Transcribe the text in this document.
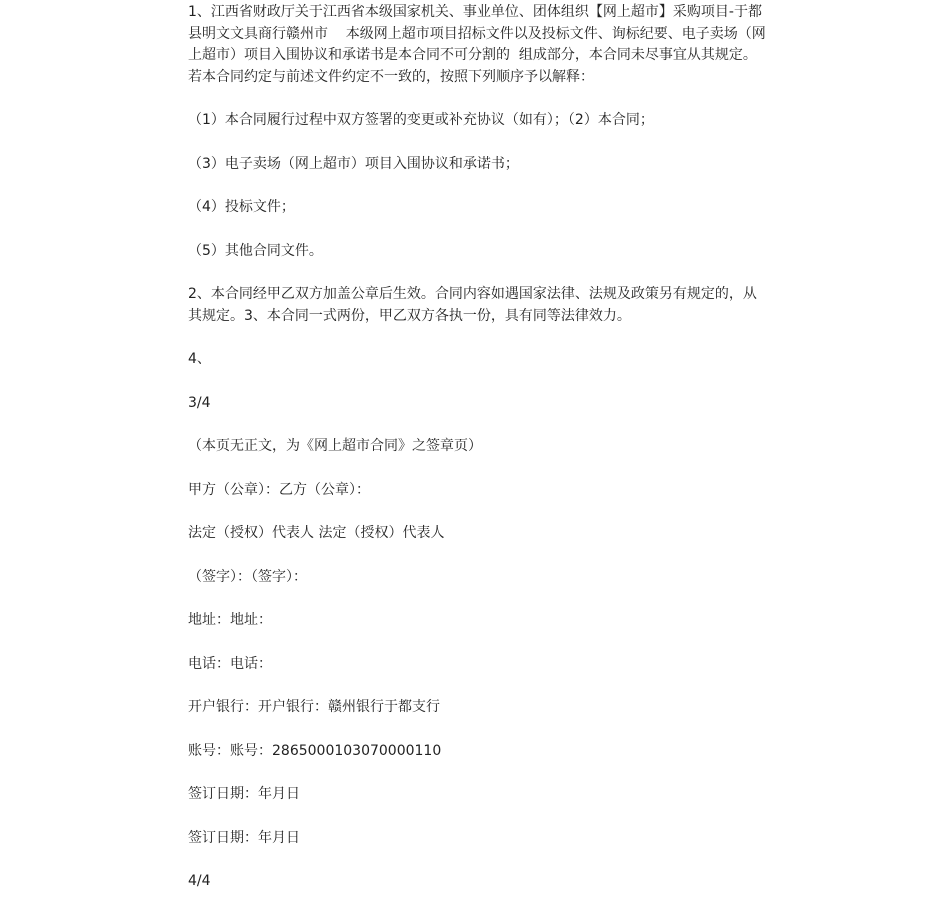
1、江西省财政厅关于江西省本级国家机关、事业单位、团体组织【网上超市】采购项目-于都县明文文具商行赣州市    本级网上超市项目招标文件以及投标文件、询标纪要、电子卖场（网上超市）项目入围协议和承诺书是本合同不可分割的  组成部分，本合同未尽事宜从其规定。若本合同约定与前述文件约定不一致的，按照下列顺序予以解释：

（1）本合同履行过程中双方签署的变更或补充协议（如有）；（2）本合同；

（3）电子卖场（网上超市）项目入围协议和承诺书；

（4）投标文件；

（5）其他合同文件。

2、本合同经甲乙双方加盖公章后生效。合同内容如遇国家法律、法规及政策另有规定的，从其规定。3、本合同一式两份，甲乙双方各执一份，具有同等法律效力。

4、

3/4

（本页无正文，为《网上超市合同》之签章页）

甲方（公章）：乙方（公章）：

法定（授权）代表人 法定（授权）代表人

（签字）：（签字）：

地址：地址：

电话：电话：

开户银行：开户银行：赣州银行于都支行

账号：账号：2865000103070000110

签订日期：年月日

签订日期：年月日

4/4
